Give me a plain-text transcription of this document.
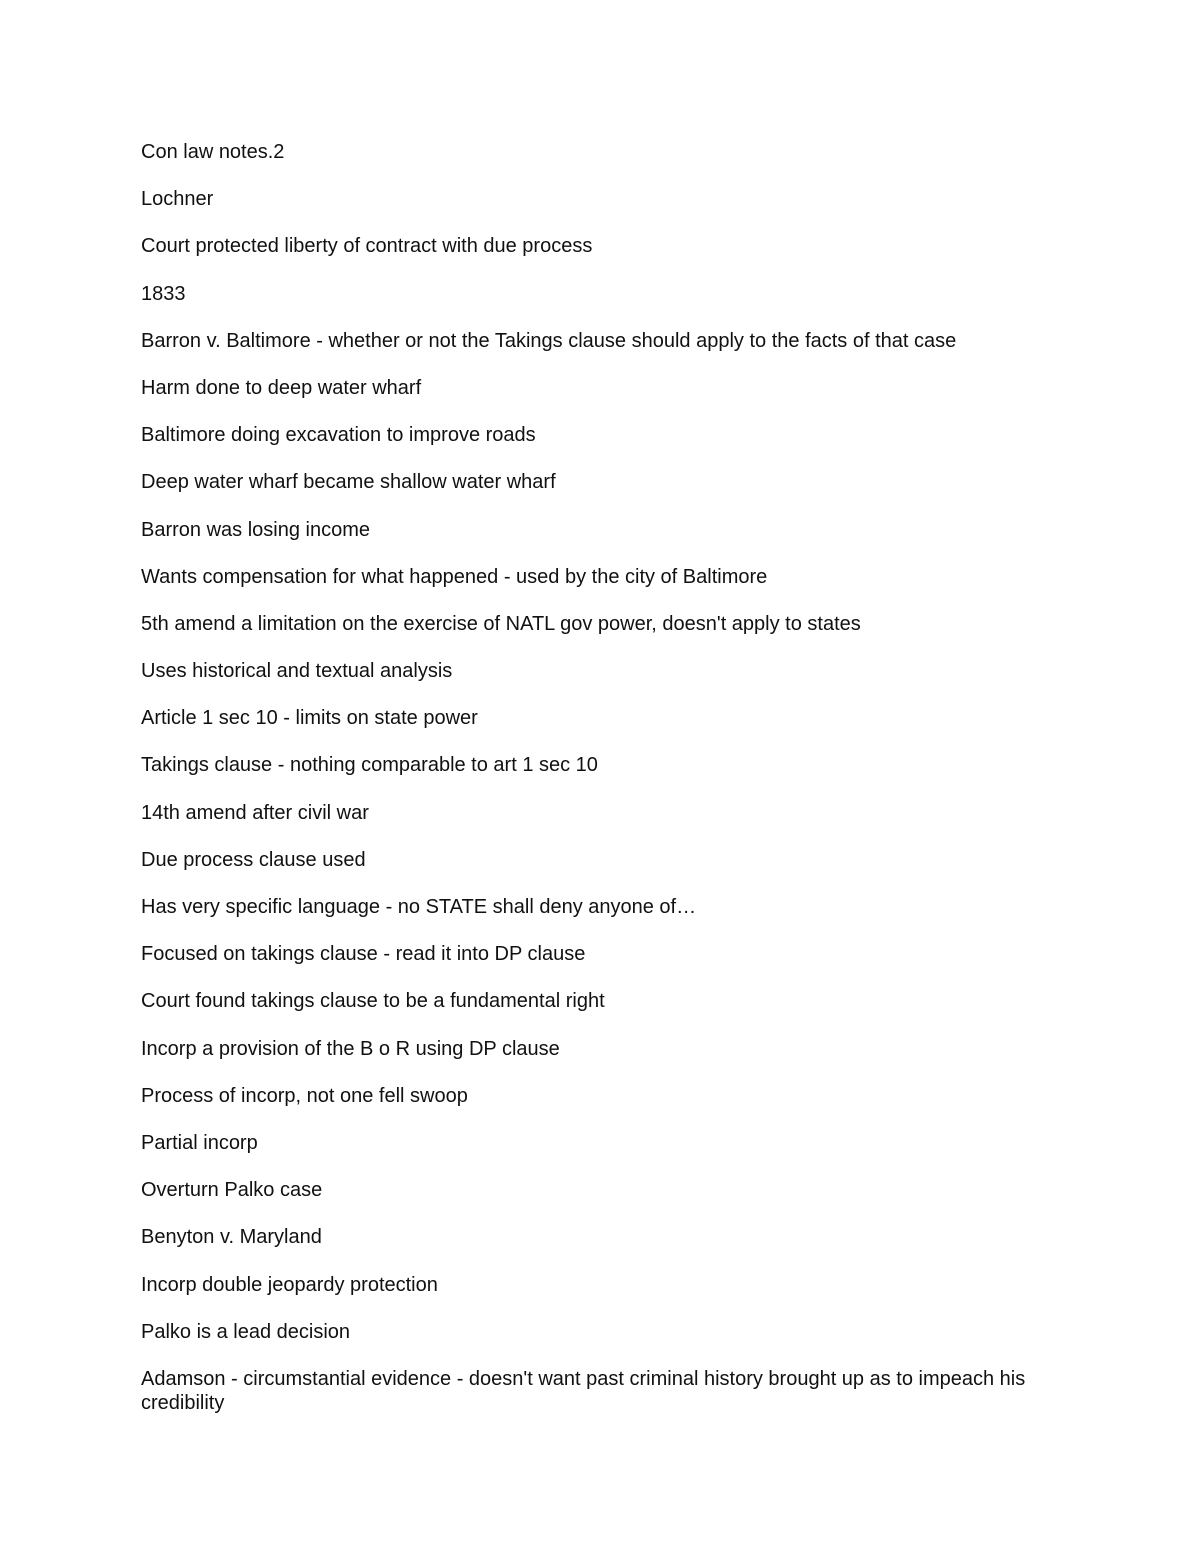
Con law notes.2

Lochner

Court protected liberty of contract with due process

1833

Barron v. Baltimore - whether or not the Takings clause should apply to the facts of that case

Harm done to deep water wharf

Baltimore doing excavation to improve roads

Deep water wharf became shallow water wharf

Barron was losing income

Wants compensation for what happened - used by the city of Baltimore

5th amend a limitation on the exercise of NATL gov power, doesn't apply to states

Uses historical and textual analysis

Article 1 sec 10 - limits on state power

Takings clause - nothing comparable to art 1 sec 10

14th amend after civil war

Due process clause used

Has very specific language - no STATE shall deny anyone of…

Focused on takings clause - read it into DP clause

Court found takings clause to be a fundamental right

Incorp a provision of the B o R using DP clause

Process of incorp, not one fell swoop

Partial incorp

Overturn Palko case

Benyton v. Maryland

Incorp double jeopardy protection

Palko is a lead decision

Adamson - circumstantial evidence - doesn't want past criminal history brought up as to impeach his credibility
